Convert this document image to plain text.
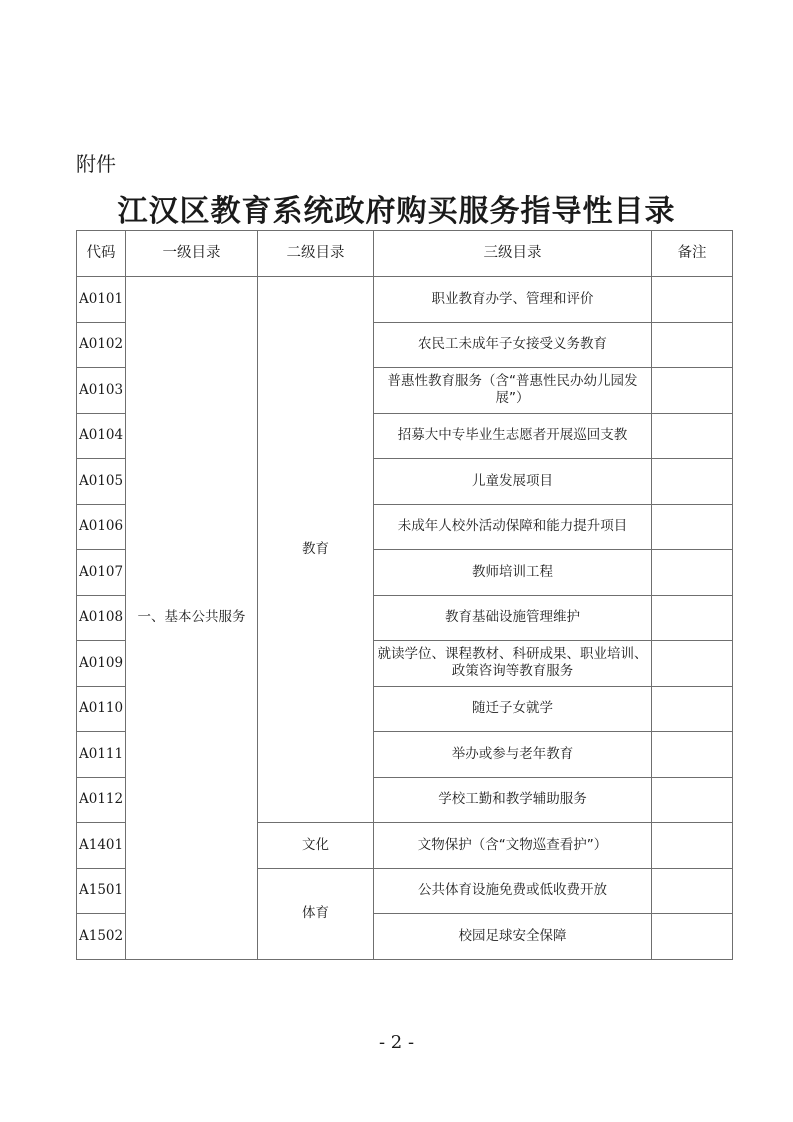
附件
江汉区教育系统政府购买服务指导性目录
代码	一级目录	二级目录	三级目录	备注
A0101	一、基本公共服务	教育	职业教育办学、管理和评价	
A0102			农民工未成年子女接受义务教育	
A0103			普惠性教育服务（含“普惠性民办幼儿园发展”）	
A0104			招募大中专毕业生志愿者开展巡回支教	
A0105			儿童发展项目	
A0106			未成年人校外活动保障和能力提升项目	
A0107			教师培训工程	
A0108			教育基础设施管理维护	
A0109			就读学位、课程教材、科研成果、职业培训、政策咨询等教育服务	
A0110			随迁子女就学	
A0111			举办或参与老年教育	
A0112			学校工勤和教学辅助服务	
A1401		文化	文物保护（含“文物巡查看护”）	
A1501		体育	公共体育设施免费或低收费开放	
A1502			校园足球安全保障	
- 2 -
